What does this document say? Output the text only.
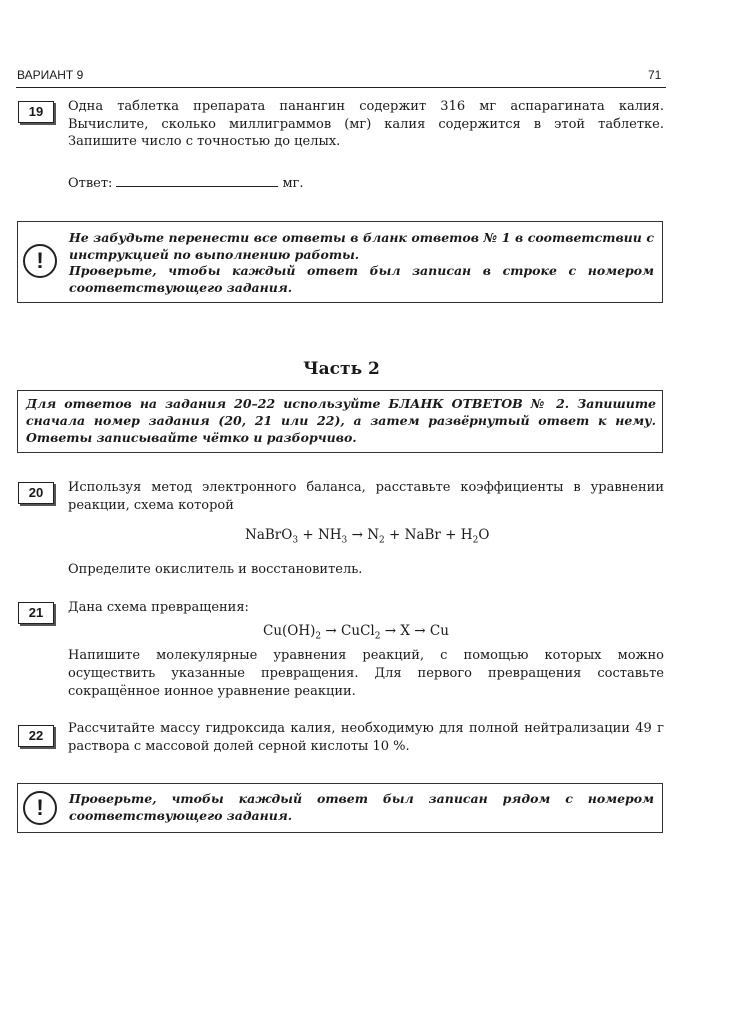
ВАРИАНТ 9	71
19	Одна таблетка препарата панангин содержит 316 мг аспарагината калия. Вычислите, сколько миллиграммов (мг) калия содержится в этой таблетке. Запишите число с точностью до целых.
Ответ:	мг.
!
Не забудьте перенести все ответы в бланк ответов № 1 в соответствии с инструкцией по выполнению работы.
Проверьте, чтобы каждый ответ был записан в строке с номером соответствующего задания.
Часть 2
Для ответов на задания 20–22 используйте БЛАНК ОТВЕТОВ № 2. Запишите сначала номер задания (20, 21 или 22), а затем развёрнутый ответ к нему. Ответы записывайте чётко и разборчиво.
20	Используя метод электронного баланса, расставьте коэффициенты в уравнении реакции, схема которой
NaBrO$_3$ + $NH_3 \to N_2$ + NaBr + $H_2O$
Определите окислитель и восстановитель.
21	Дана схема превращения:
$Cu(OH)_2$ → CuCl$_2$ → X → Cu
Напишите молекулярные уравнения реакций, с помощью которых можно осуществить указанные превращения. Для первого превращения составьте сокращённое ионное уравнение реакции.
22	Рассчитайте массу гидроксида калия, необходимую для полной нейтрализации 49 г раствора с массовой долей серной кислоты 10 %.
!	Проверьте, чтобы каждый ответ был записан рядом с номером соответствующего задания.
